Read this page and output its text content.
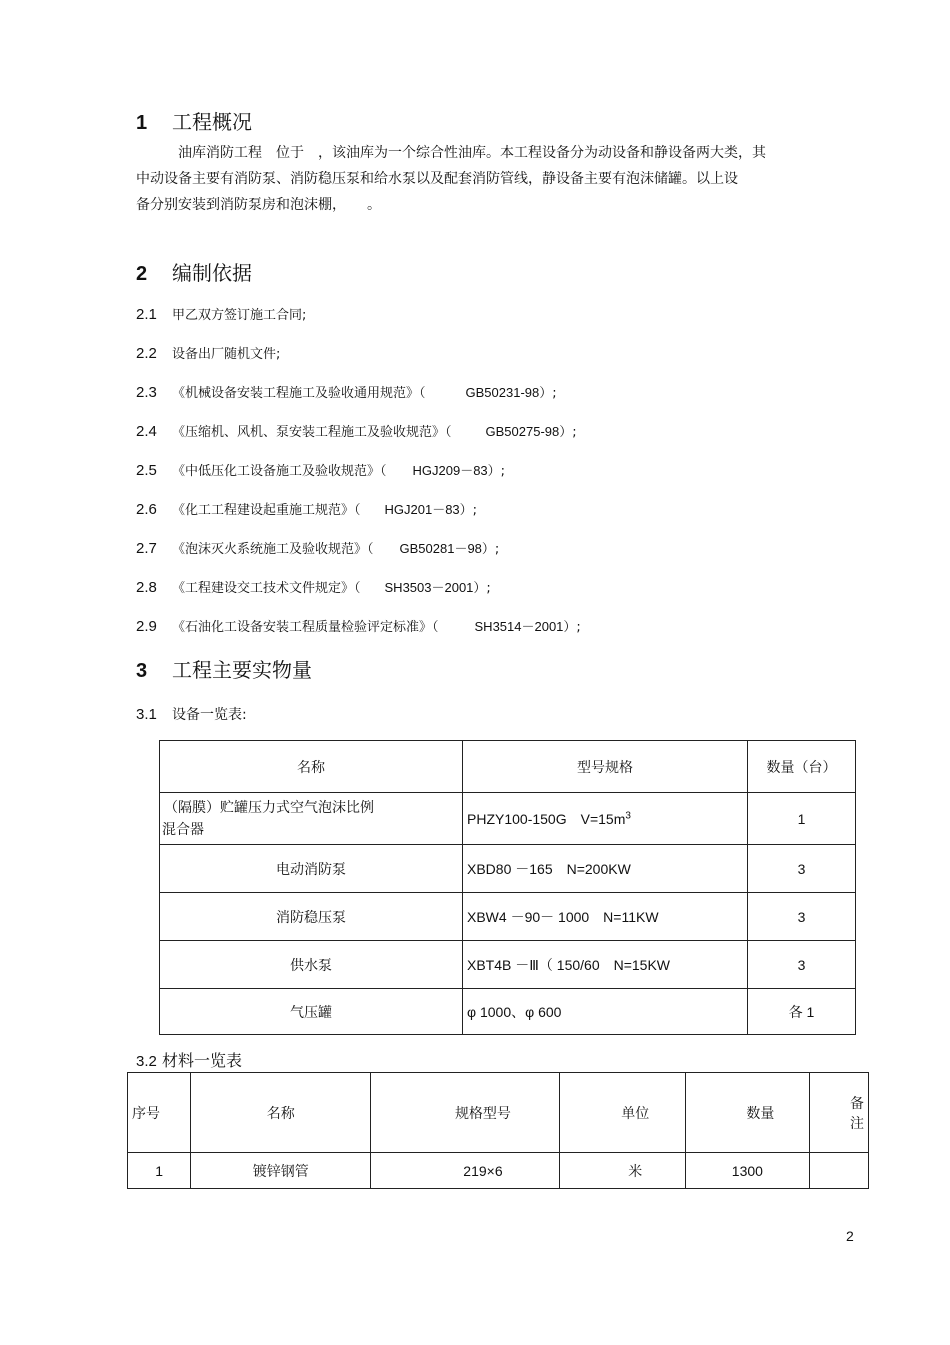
1 工程概况
油库消防工程　位于　，该油库为一个综合性油库。本工程设备分为动设备和静设备两大类，其
中动设备主要有消防泵、消防稳压泵和给水泵以及配套消防管线，静设备主要有泡沫储罐。以上设
备分别安装到消防泵房和泡沫棚，　　。
2 编制依据
2.1 甲乙双方签订施工合同;
2.2 设备出厂随机文件;
2.3 《机械设备安装工程施工及验收通用规范》（	GB50231-98）;
2.4 《压缩机、风机、泵安装工程施工及验收规范》（	GB50275-98）;
2.5 《中低压化工设备施工及验收规范》（ HGJ209－83）;
2.6 《化工工程建设起重施工规范》（ HGJ201－83）;
2.7 《泡沫灭火系统施工及验收规范》（ GB50281－98）;
2.8 《工程建设交工技术文件规定》（ SH3503－2001）;
2.9 《石油化工设备安装工程质量检验评定标准》（	SH3514－2001）;
3 工程主要实物量
3.1 设备一览表:
名称	型号规格	数量（台）

（隔膜）贮罐压力式空气泡沫比例
混合器	PHZY100-150G　$V=15m^3$	1
电动消防泵	XBD80 －165　N=200KW	3
消防稳压泵	XBW4 －90－ 1000　N=11KW	3
供水泵	XBT4B －Ⅲ（ 150/60　N=15KW	3
气压罐	φ 1000、φ 600	各 1
3.2 材料一览表
序号	名称	规格型号	单位	数量	备注
1	镀锌钢管	219×6	米	1300	
2
